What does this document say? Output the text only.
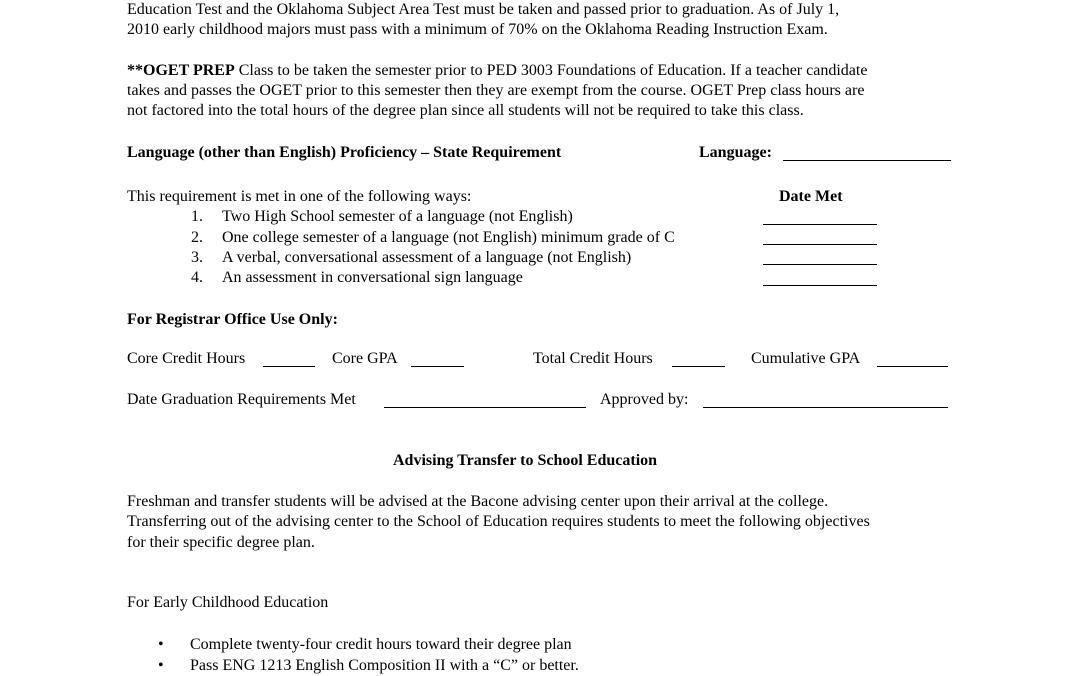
Education Test and the Oklahoma Subject Area Test must be taken and passed prior to graduation. As of July 1,
2010 early childhood majors must pass with a minimum of 70% on the Oklahoma Reading Instruction Exam.
**OGET PREP Class to be taken the semester prior to PED 3003 Foundations of Education. If a teacher candidate
takes and passes the OGET prior to this semester then they are exempt from the course. OGET Prep class hours are
not factored into the total hours of the degree plan since all students will not be required to take this class.
Language (other than English) Proficiency – State Requirement	Language:
This requirement is met in one of the following ways:	Date Met
1. Two High School semester of a language (not English)
2. One college semester of a language (not English) minimum grade of C
3. A verbal, conversational assessment of a language (not English)
4. An assessment in conversational sign language
For Registrar Office Use Only:
Core Credit Hours	Core GPA	Total Credit Hours	Cumulative GPA
Date Graduation Requirements Met	Approved by:
Advising Transfer to School Education
Freshman and transfer students will be advised at the Bacone advising center upon their arrival at the college.
Transferring out of the advising center to the School of Education requires students to meet the following objectives
for their specific degree plan.
For Early Childhood Education
• Complete twenty-four credit hours toward their degree plan
• Pass ENG 1213 English Composition II with a “C” or better.
